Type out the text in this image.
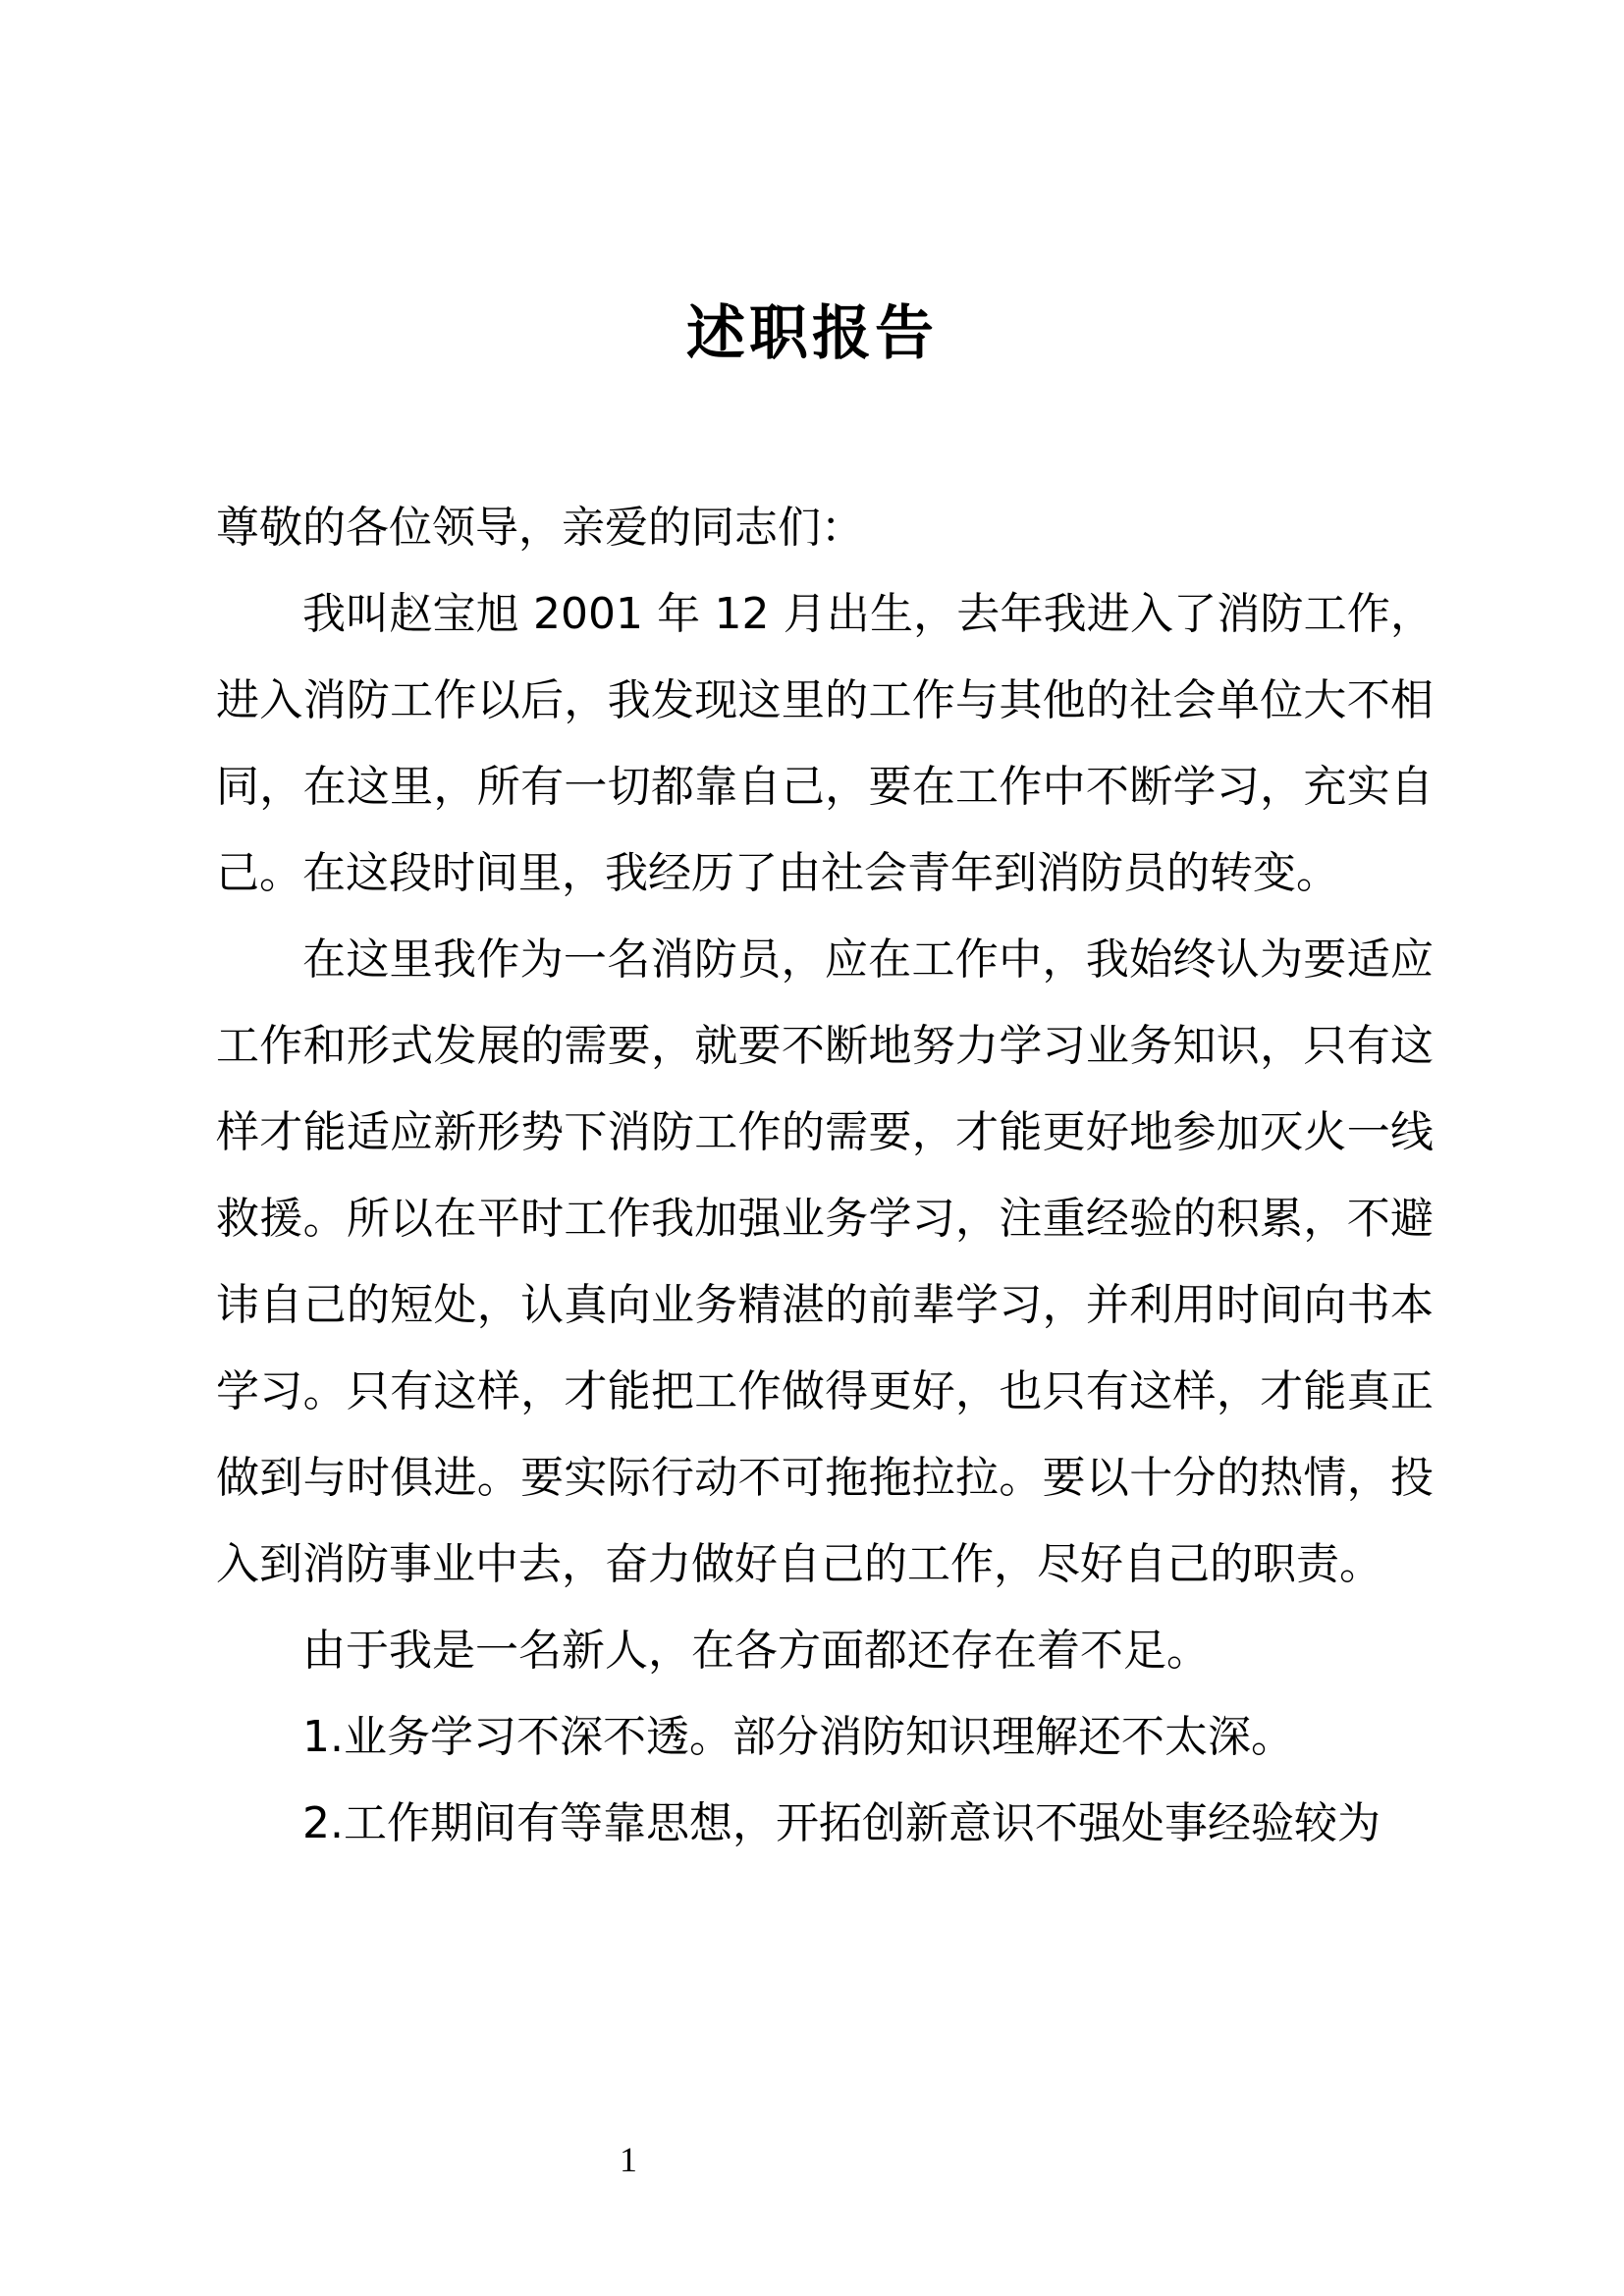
述职报告

尊敬的各位领导，亲爱的同志们：

我叫赵宝旭 2001 年 12 月出生，去年我进入了消防工作，进入消防工作以后，我发现这里的工作与其他的社会单位大不相同，在这里，所有一切都靠自己，要在工作中不断学习，充实自己。在这段时间里，我经历了由社会青年到消防员的转变。

在这里我作为一名消防员，应在工作中，我始终认为要适应工作和形式发展的需要，就要不断地努力学习业务知识，只有这样才能适应新形势下消防工作的需要，才能更好地参加灭火一线救援。所以在平时工作我加强业务学习，注重经验的积累，不避讳自己的短处，认真向业务精湛的前辈学习，并利用时间向书本学习。只有这样，才能把工作做得更好，也只有这样，才能真正做到与时俱进。要实际行动不可拖拖拉拉。要以十分的热情，投入到消防事业中去，奋力做好自己的工作，尽好自己的职责。

由于我是一名新人，在各方面都还存在着不足。

1.业务学习不深不透。部分消防知识理解还不太深。

2.工作期间有等靠思想，开拓创新意识不强处事经验较为

1
